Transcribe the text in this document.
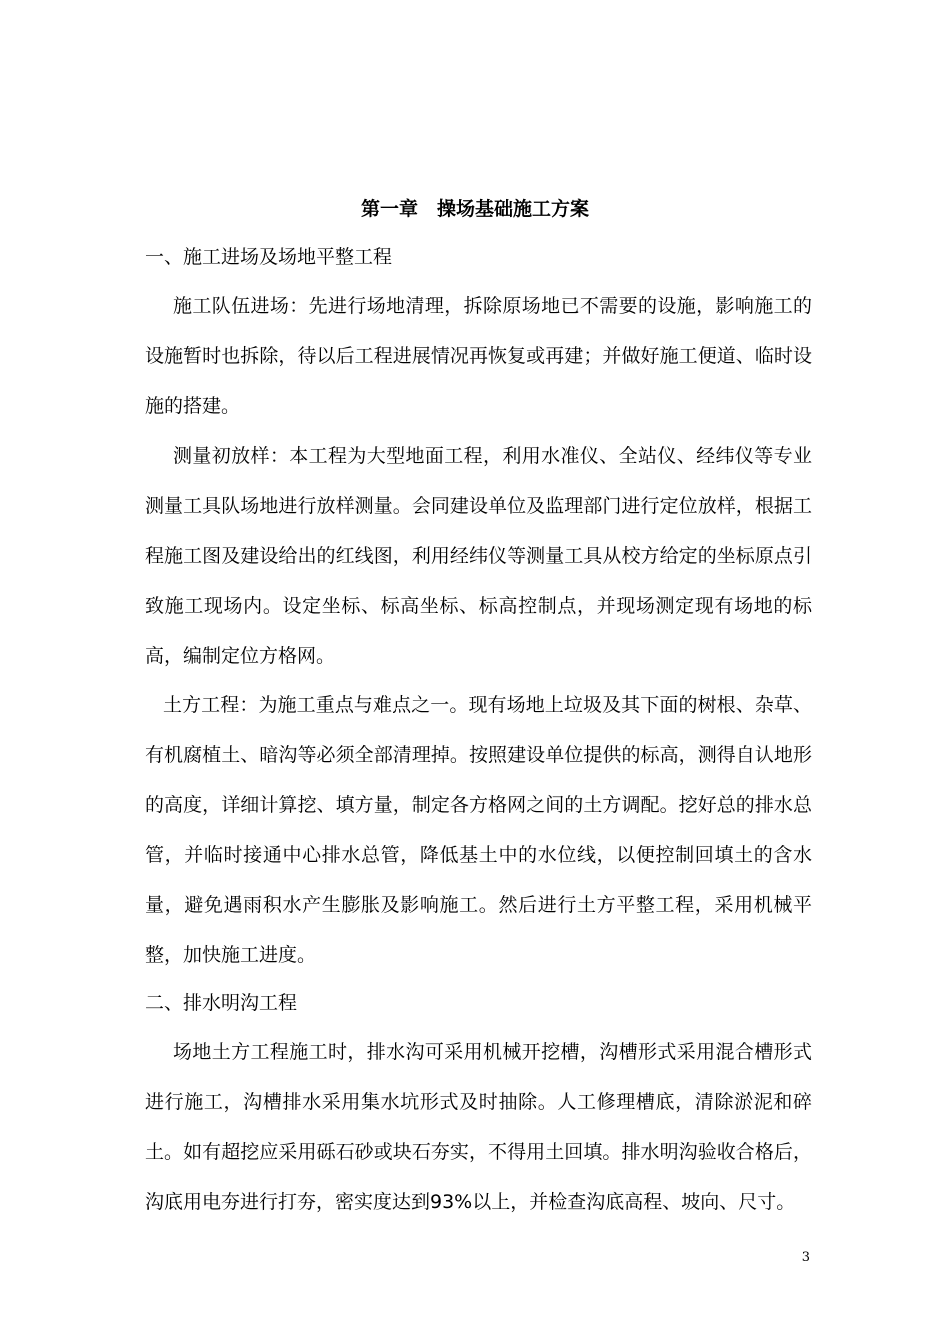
第一章　操场基础施工方案
一、施工进场及场地平整工程

施工队伍进场：先进行场地清理，拆除原场地已不需要的设施，影响施工的设施暂时也拆除，待以后工程进展情况再恢复或再建；并做好施工便道、临时设施的搭建。

测量初放样：本工程为大型地面工程，利用水准仪、全站仪、经纬仪等专业测量工具队场地进行放样测量。会同建设单位及监理部门进行定位放样，根据工程施工图及建设给出的红线图，利用经纬仪等测量工具从校方给定的坐标原点引致施工现场内。设定坐标、标高坐标、标高控制点，并现场测定现有场地的标高，编制定位方格网。

土方工程：为施工重点与难点之一。现有场地上垃圾及其下面的树根、杂草、有机腐植土、暗沟等必须全部清理掉。按照建设单位提供的标高，测得自认地形的高度，详细计算挖、填方量，制定各方格网之间的土方调配。挖好总的排水总管，并临时接通中心排水总管，降低基土中的水位线，以便控制回填土的含水量，避免遇雨积水产生膨胀及影响施工。然后进行土方平整工程，采用机械平整，加快施工进度。

二、排水明沟工程

场地土方工程施工时，排水沟可采用机械开挖槽，沟槽形式采用混合槽形式进行施工，沟槽排水采用集水坑形式及时抽除。人工修理槽底，清除淤泥和碎土。如有超挖应采用砾石砂或块石夯实，不得用土回填。排水明沟验收合格后，沟底用电夯进行打夯，密实度达到93%以上，并检查沟底高程、坡向、尺寸。

3
